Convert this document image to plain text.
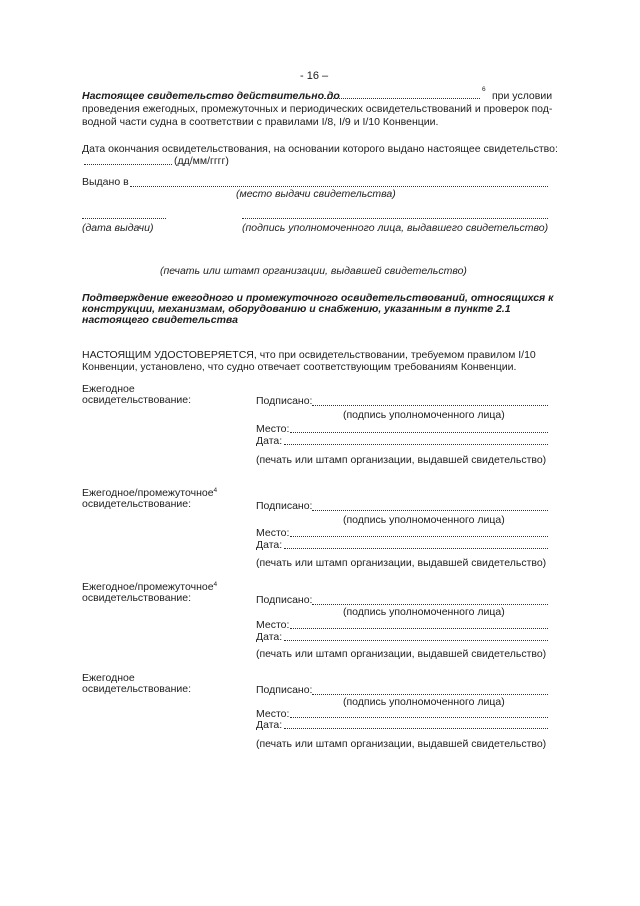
- 16 –
Настоящее свидетельство действительно до
$^6$
при условии
проведения ежегодных, промежуточных и периодических освидетельствований и проверок под-
водной части судна в соответствии с правилами I/8, I/9 и I/10 Конвенции.
Дата окончания освидетельствования, на основании которого выдано настоящее свидетельство:
(дд/мм/гггг)
Выдано в
(место выдачи свидетельства)
(дата выдачи)	(подпись уполномоченного лица, выдавшего свидетельство)
(печать или штамп организации, выдавшей свидетельство)
Подтверждение ежегодного и промежуточного освидетельствований, относящихся к
конструкции, механизмам, оборудованию и снабжению, указанным в пункте 2.1
настоящего свидетельства
НАСТОЯЩИМ УДОСТОВЕРЯЕТСЯ, что при освидетельствовании, требуемом правилом I/10
Конвенции, установлено, что судно отвечает соответствующим требованиям Конвенции.
Ежегодное
освидетельствование:	Подписано:
(подпись уполномоченного лица)
Место:
Дата:
(печать или штамп организации, выдавшей свидетельство)
Ежегодное/промежуточное$^4$
освидетельствование:	Подписано:
(подпись уполномоченного лица)
Место:
Дата:
(печать или штамп организации, выдавшей свидетельство)
Ежегодное/промежуточное$^4$
освидетельствование:	Подписано:
(подпись уполномоченного лица)
Место:
Дата:
(печать или штамп организации, выдавшей свидетельство)
Ежегодное
освидетельствование:	Подписано:
(подпись уполномоченного лица)
Место:
Дата:
(печать или штамп организации, выдавшей свидетельство)
